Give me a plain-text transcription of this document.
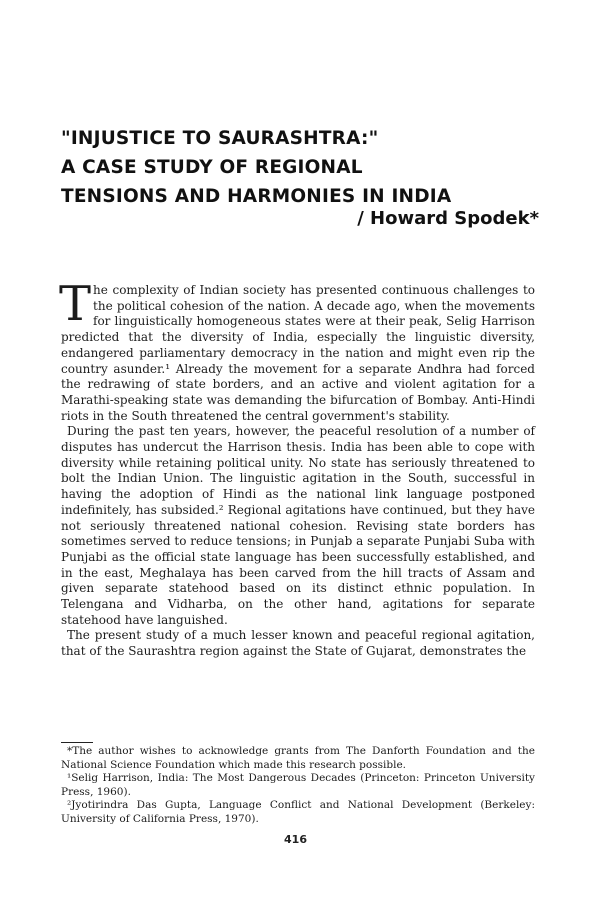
"INJUSTICE TO SAURASHTRA:"
A CASE STUDY OF REGIONAL
TENSIONS AND HARMONIES IN INDIA
/ Howard Spodek*

The complexity of Indian society has presented continuous challenges to the political cohesion of the nation. A decade ago, when the movements for linguistically homogeneous states were at their peak, Selig Harrison predicted that the diversity of India, especially the linguistic diversity, endangered parliamentary democracy in the nation and might even rip the country asunder.¹ Already the movement for a separate Andhra had forced the redrawing of state borders, and an active and violent agitation for a Marathi-speaking state was demanding the bifurcation of Bombay. Anti-Hindi riots in the South threatened the central government's stability.

During the past ten years, however, the peaceful resolution of a number of disputes has undercut the Harrison thesis. India has been able to cope with diversity while retaining political unity. No state has seriously threatened to bolt the Indian Union. The linguistic agitation in the South, successful in having the adoption of Hindi as the national link language postponed indefinitely, has subsided.² Regional agitations have continued, but they have not seriously threatened national cohesion. Revising state borders has sometimes served to reduce tensions; in Punjab a separate Punjabi Suba with Punjabi as the official state language has been successfully established, and in the east, Meghalaya has been carved from the hill tracts of Assam and given separate statehood based on its distinct ethnic population. In Telengana and Vidharba, on the other hand, agitations for separate statehood have languished.

The present study of a much lesser known and peaceful regional agitation, that of the Saurashtra region against the State of Gujarat, demonstrates the

*The author wishes to acknowledge grants from The Danforth Foundation and the National Science Foundation which made this research possible.

¹Selig Harrison, India: The Most Dangerous Decades (Princeton: Princeton University Press, 1960).

²Jyotirindra Das Gupta, Language Conflict and National Development (Berkeley: University of California Press, 1970).

416
